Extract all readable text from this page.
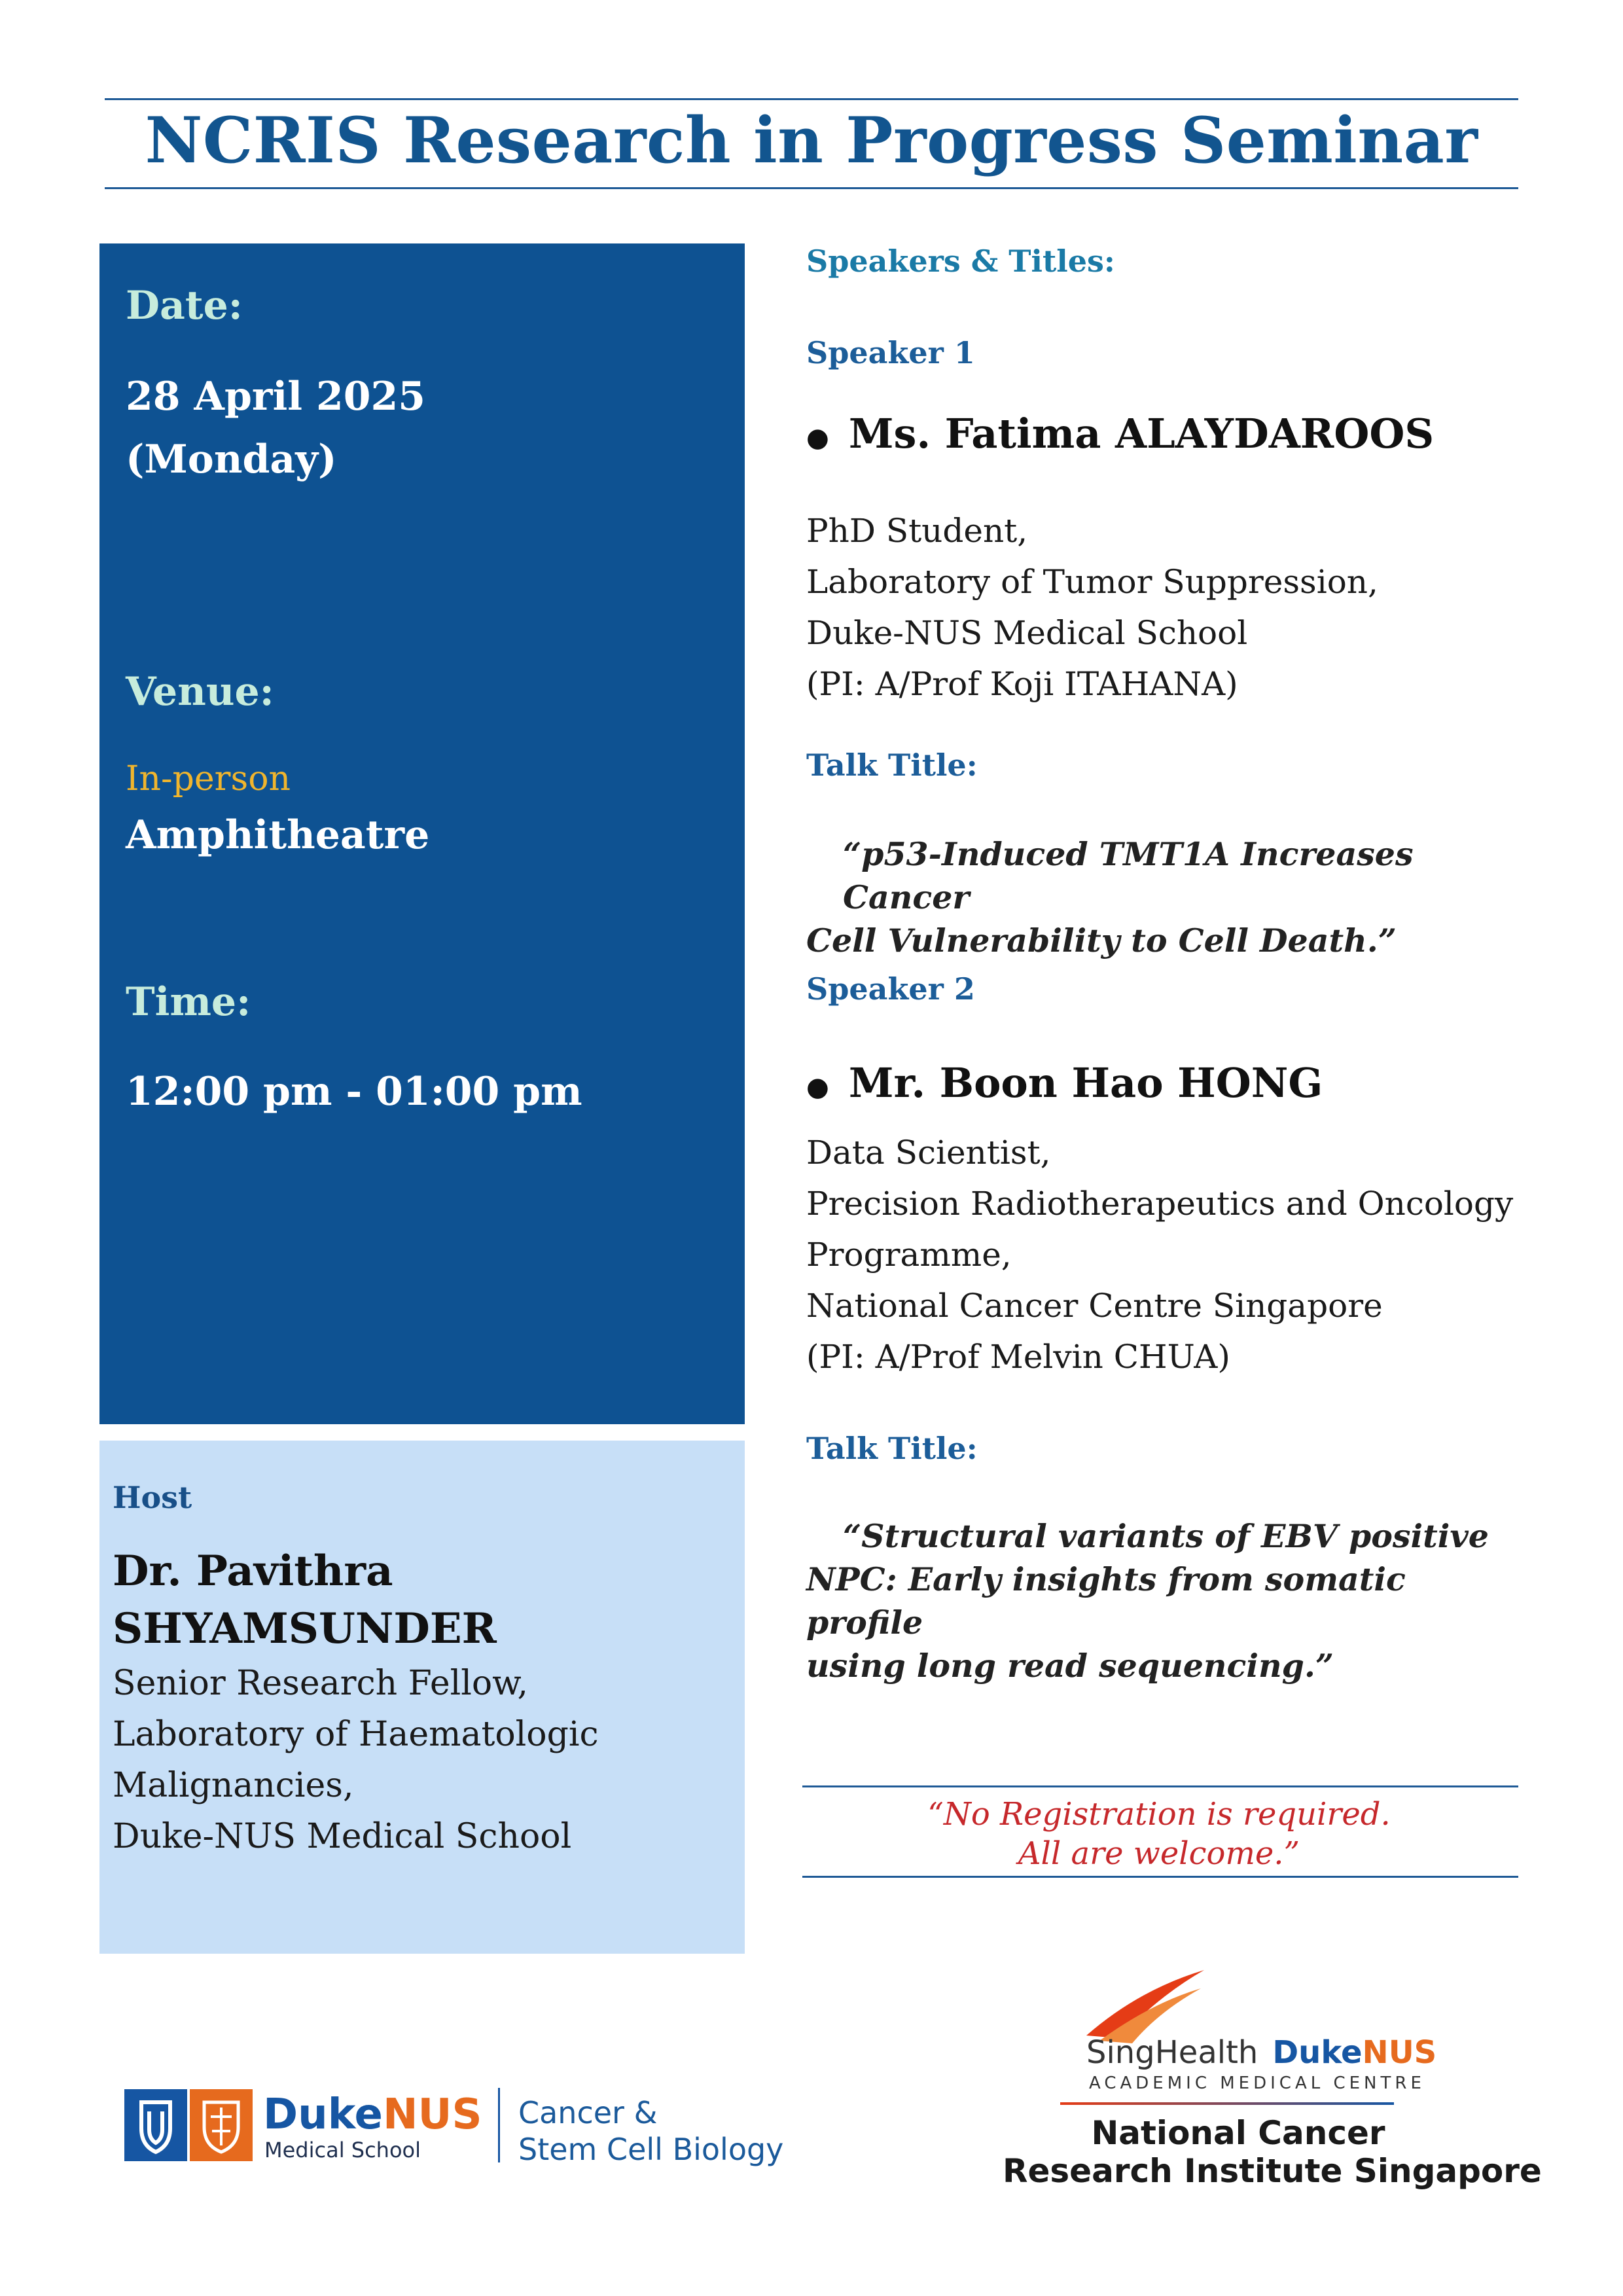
NCRIS Research in Progress Seminar
Date:
28 April 2025
(Monday)
Venue:
In-person
Amphitheatre
Time:
12:00 pm - 01:00 pm
Host
Dr. Pavithra
SHYAMSUNDER
Senior Research Fellow,
Laboratory of Haematologic
Malignancies,
Duke-NUS Medical School
Speakers & Titles:
Speaker 1
● Ms. Fatima ALAYDAROOS
PhD Student,
Laboratory of Tumor Suppression,
Duke-NUS Medical School
(PI: A/Prof Koji ITAHANA)
Talk Title:
“p53-Induced TMT1A Increases Cancer
Cell Vulnerability to Cell Death.”
Speaker 2
● Mr. Boon Hao HONG
Data Scientist,
Precision Radiotherapeutics and Oncology
Programme,
National Cancer Centre Singapore
(PI: A/Prof Melvin CHUA)
Talk Title:
“Structural variants of EBV positive
NPC: Early insights from somatic profile
using long read sequencing.”
“No Registration is required.
All are welcome.”
DukeNUS
Medical School
Cancer &
Stem Cell Biology
SingHealth DukeNUS
ACADEMIC MEDICAL CENTRE
National Cancer
Research Institute Singapore
